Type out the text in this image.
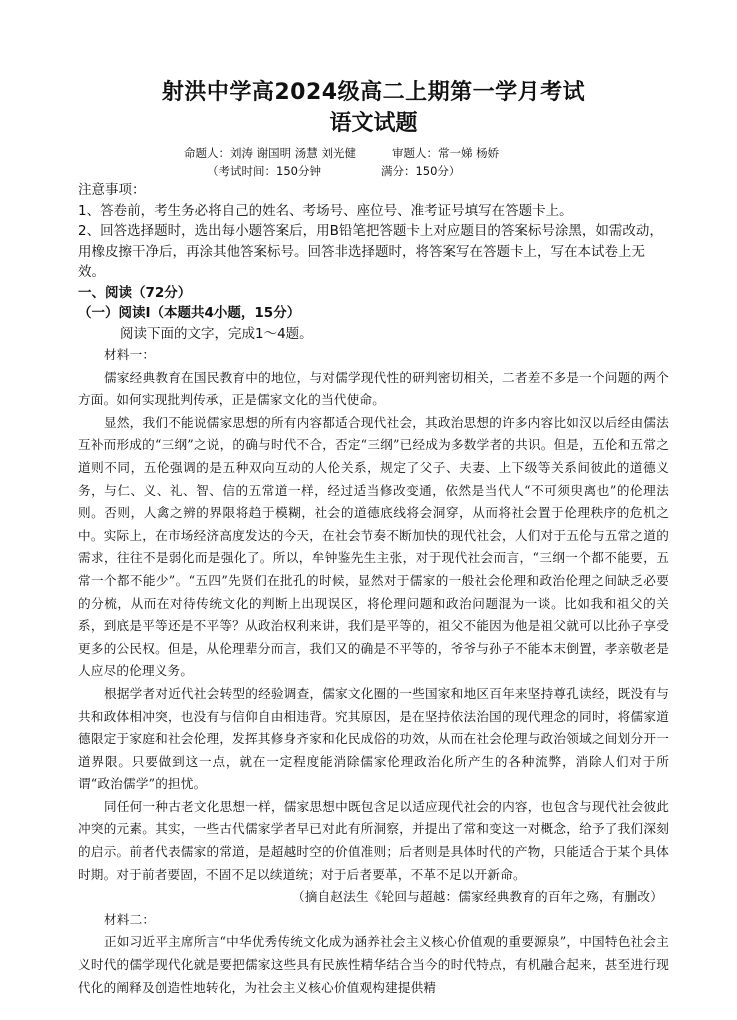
射洪中学高2024级高二上期第一学月考试
语文试题
命题人：刘涛 谢国明 汤慧 刘光健	审题人：常一娣 杨娇
（考试时间：150分钟	满分：150分）

注意事项：

1、答卷前，考生务必将自己的姓名、考场号、座位号、准考证号填写在答题卡上。

2、回答选择题时，选出每小题答案后，用B铅笔把答题卡上对应题目的答案标号涂黑，如需改动，用橡皮擦干净后，再涂其他答案标号。回答非选择题时，将答案写在答题卡上，写在本试卷上无效。

一、阅读（72分）

（一）阅读Ⅰ（本题共4小题，15分）

阅读下面的文字，完成1～4题。

材料一：

儒家经典教育在国民教育中的地位，与对儒学现代性的研判密切相关，二者差不多是一个问题的两个方面。如何实现批判传承，正是儒家文化的当代使命。

显然，我们不能说儒家思想的所有内容都适合现代社会，其政治思想的许多内容比如汉以后经由儒法互补而形成的“三纲”之说，的确与时代不合，否定“三纲”已经成为多数学者的共识。但是，五伦和五常之道则不同，五伦强调的是五种双向互动的人伦关系，规定了父子、夫妻、上下级等关系间彼此的道德义务，与仁、义、礼、智、信的五常道一样，经过适当修改变通，依然是当代人“不可须臾离也”的伦理法则。否则，人禽之辨的界限将趋于模糊，社会的道德底线将会洞穿，从而将社会置于伦理秩序的危机之中。实际上，在市场经济高度发达的今天，在社会节奏不断加快的现代社会，人们对于五伦与五常之道的需求，往往不是弱化而是强化了。所以，牟钟鉴先生主张，对于现代社会而言，“三纲一个都不能要，五常一个都不能少”。“五四”先贤们在批孔的时候，显然对于儒家的一般社会伦理和政治伦理之间缺乏必要的分梳，从而在对待传统文化的判断上出现误区，将伦理问题和政治问题混为一谈。比如我和祖父的关系，到底是平等还是不平等？从政治权利来讲，我们是平等的，祖父不能因为他是祖父就可以比孙子享受更多的公民权。但是，从伦理辈分而言，我们又的确是不平等的，爷爷与孙子不能本末倒置，孝亲敬老是人应尽的伦理义务。

根据学者对近代社会转型的经验调查，儒家文化圈的一些国家和地区百年来坚持尊孔读经，既没有与共和政体相冲突，也没有与信仰自由相违背。究其原因，是在坚持依法治国的现代理念的同时，将儒家道德限定于家庭和社会伦理，发挥其修身齐家和化民成俗的功效，从而在社会伦理与政治领域之间划分开一道界限。只要做到这一点，就在一定程度能消除儒家伦理政治化所产生的各种流弊，消除人们对于所谓“政治儒学”的担忧。

同任何一种古老文化思想一样，儒家思想中既包含足以适应现代社会的内容，也包含与现代社会彼此冲突的元素。其实，一些古代儒家学者早已对此有所洞察，并提出了常和变这一对概念，给予了我们深刻的启示。前者代表儒家的常道，是超越时空的价值准则；后者则是具体时代的产物，只能适合于某个具体时期。对于前者要固，不固不足以续道统；对于后者要革，不革不足以开新命。

（摘自赵法生《轮回与超越：儒家经典教育的百年之殇，有删改）

材料二：

正如习近平主席所言“中华优秀传统文化成为涵养社会主义核心价值观的重要源泉”，中国特色社会主义时代的儒学现代化就是要把儒家这些具有民族性精华结合当今的时代特点，有机融合起来，甚至进行现代化的阐释及创造性地转化，为社会主义核心价值观构建提供精
